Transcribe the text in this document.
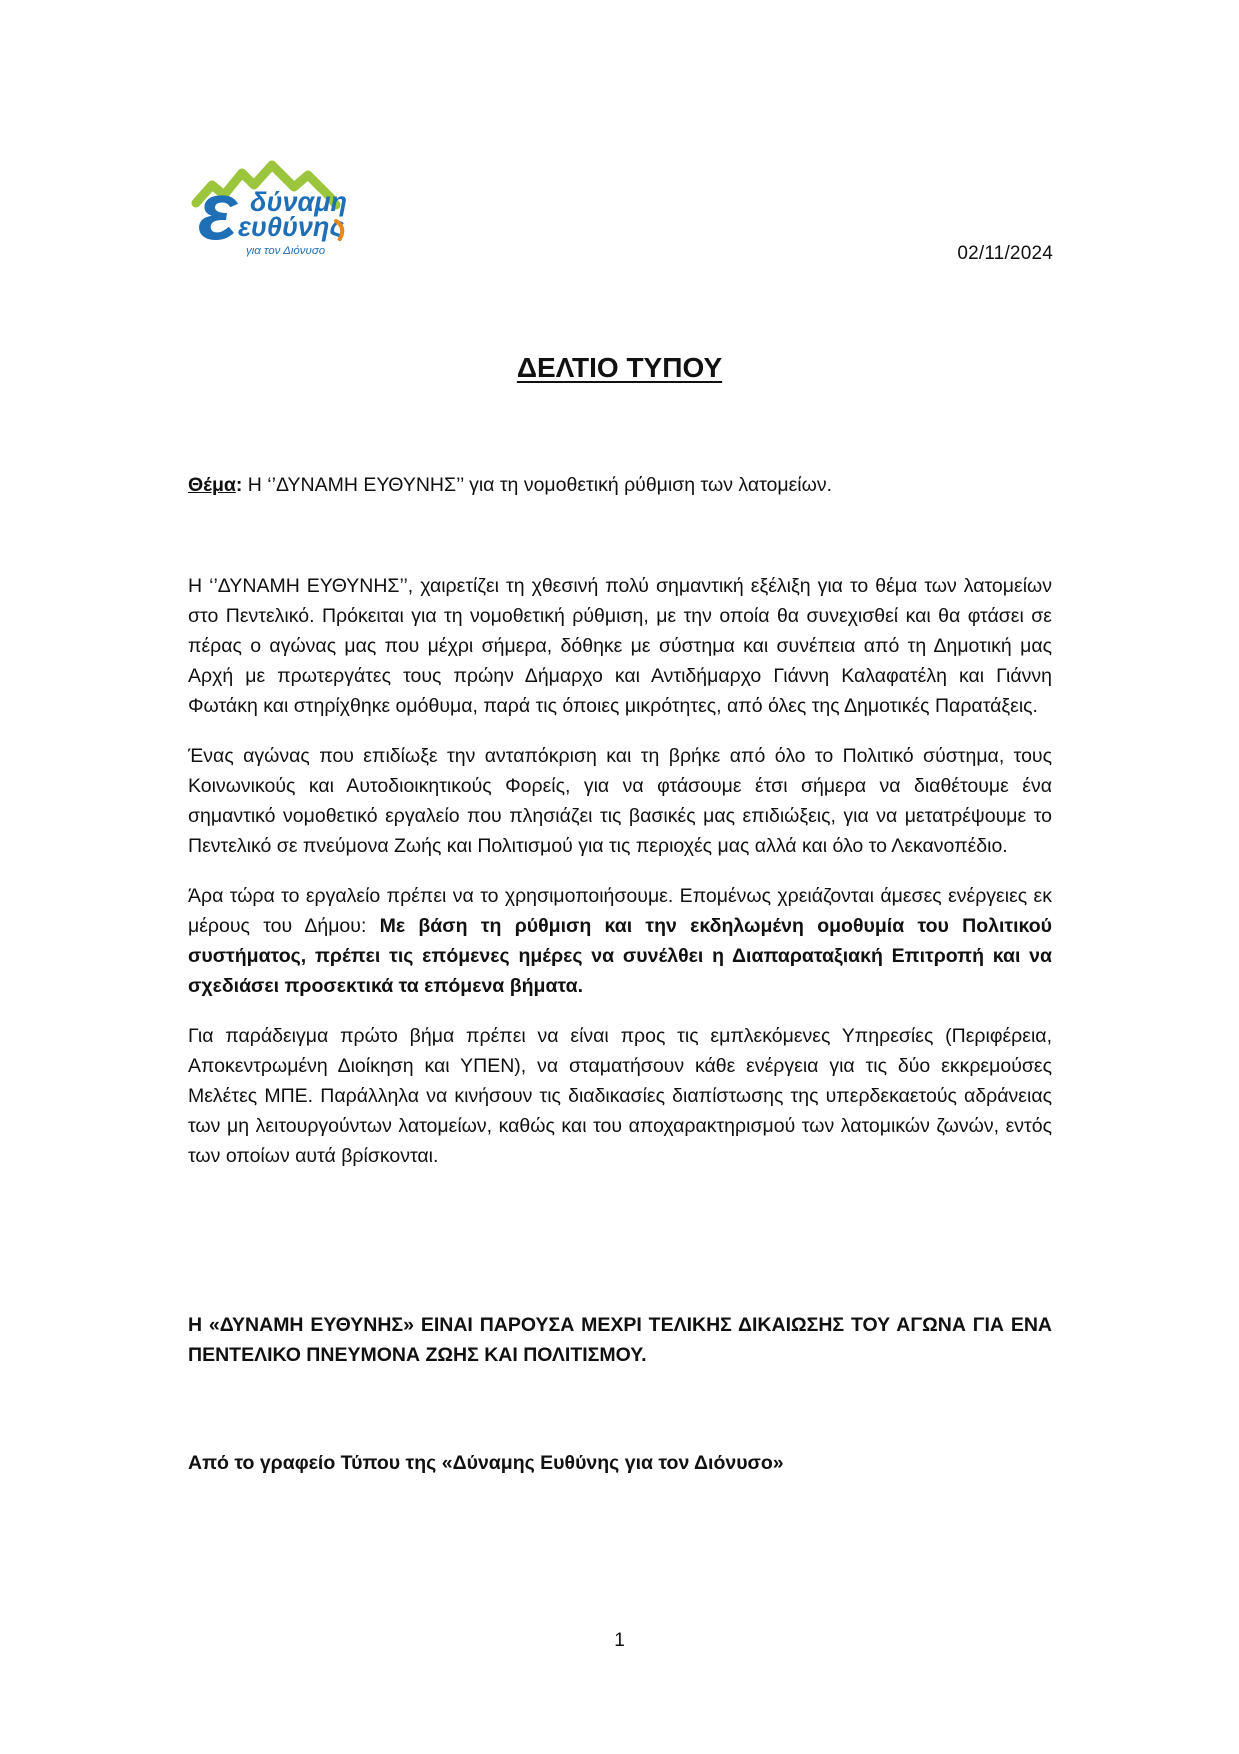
ε δύναμη
ευθύνης
για τον Διόνυσο	02/11/2024
ΔΕΛΤΙΟ ΤΥΠΟΥ
Θέμα: Η ‘’ΔΥΝΑΜΗ ΕΥΘΥΝΗΣ’’ για τη νομοθετική ρύθμιση των λατομείων.

Η ‘’ΔΥΝΑΜΗ ΕΥΘΥΝΗΣ’’, χαιρετίζει τη χθεσινή πολύ σημαντική εξέλιξη για το θέμα των λατομείων στο Πεντελικό. Πρόκειται για τη νομοθετική ρύθμιση, με την οποία θα συνεχισθεί και θα φτάσει σε πέρας ο αγώνας μας που μέχρι σήμερα, δόθηκε με σύστημα και συνέπεια από τη Δημοτική μας Αρχή με πρωτεργάτες τους πρώην Δήμαρχο και Αντιδήμαρχο Γιάννη Καλαφατέλη και Γιάννη Φωτάκη και στηρίχθηκε ομόθυμα, παρά τις όποιες μικρότητες, από όλες της Δημοτικές Παρατάξεις.

Ένας αγώνας που επιδίωξε την ανταπόκριση και τη βρήκε από όλο το Πολιτικό σύστημα, τους Κοινωνικούς και Αυτοδιοικητικούς Φορείς, για να φτάσουμε έτσι σήμερα να διαθέτουμε ένα σημαντικό νομοθετικό εργαλείο που πλησιάζει τις βασικές μας επιδιώξεις, για να μετατρέψουμε το Πεντελικό σε πνεύμονα Ζωής και Πολιτισμού για τις περιοχές μας αλλά και όλο το Λεκανοπέδιο.

Άρα τώρα το εργαλείο πρέπει να το χρησιμοποιήσουμε. Επομένως χρειάζονται άμεσες ενέργειες εκ μέρους του Δήμου: Με βάση τη ρύθμιση και την εκδηλωμένη ομοθυμία του Πολιτικού συστήματος, πρέπει τις επόμενες ημέρες να συνέλθει η Διαπαραταξιακή Επιτροπή και να σχεδιάσει προσεκτικά τα επόμενα βήματα.

Για παράδειγμα πρώτο βήμα πρέπει να είναι προς τις εμπλεκόμενες Υπηρεσίες (Περιφέρεια, Αποκεντρωμένη Διοίκηση και ΥΠΕΝ), να σταματήσουν κάθε ενέργεια για τις δύο εκκρεμούσες Μελέτες ΜΠΕ. Παράλληλα να κινήσουν τις διαδικασίες διαπίστωσης της υπερδεκαετούς αδράνειας των μη λειτουργούντων λατομείων, καθώς και του αποχαρακτηρισμού των λατομικών ζωνών, εντός των οποίων αυτά βρίσκονται.

Η «ΔΥΝΑΜΗ ΕΥΘΥΝΗΣ» ΕΙΝΑΙ ΠΑΡΟΥΣΑ ΜΕΧΡΙ ΤΕΛΙΚΗΣ ΔΙΚΑΙΩΣΗΣ ΤΟΥ ΑΓΩΝΑ ΓΙΑ ΕΝΑ ΠΕΝΤΕΛΙΚΟ ΠΝΕΥΜΟΝΑ ΖΩΗΣ ΚΑΙ ΠΟΛΙΤΙΣΜΟΥ.
Από το γραφείο Τύπου της «Δύναμης Ευθύνης για τον Διόνυσο»
1
